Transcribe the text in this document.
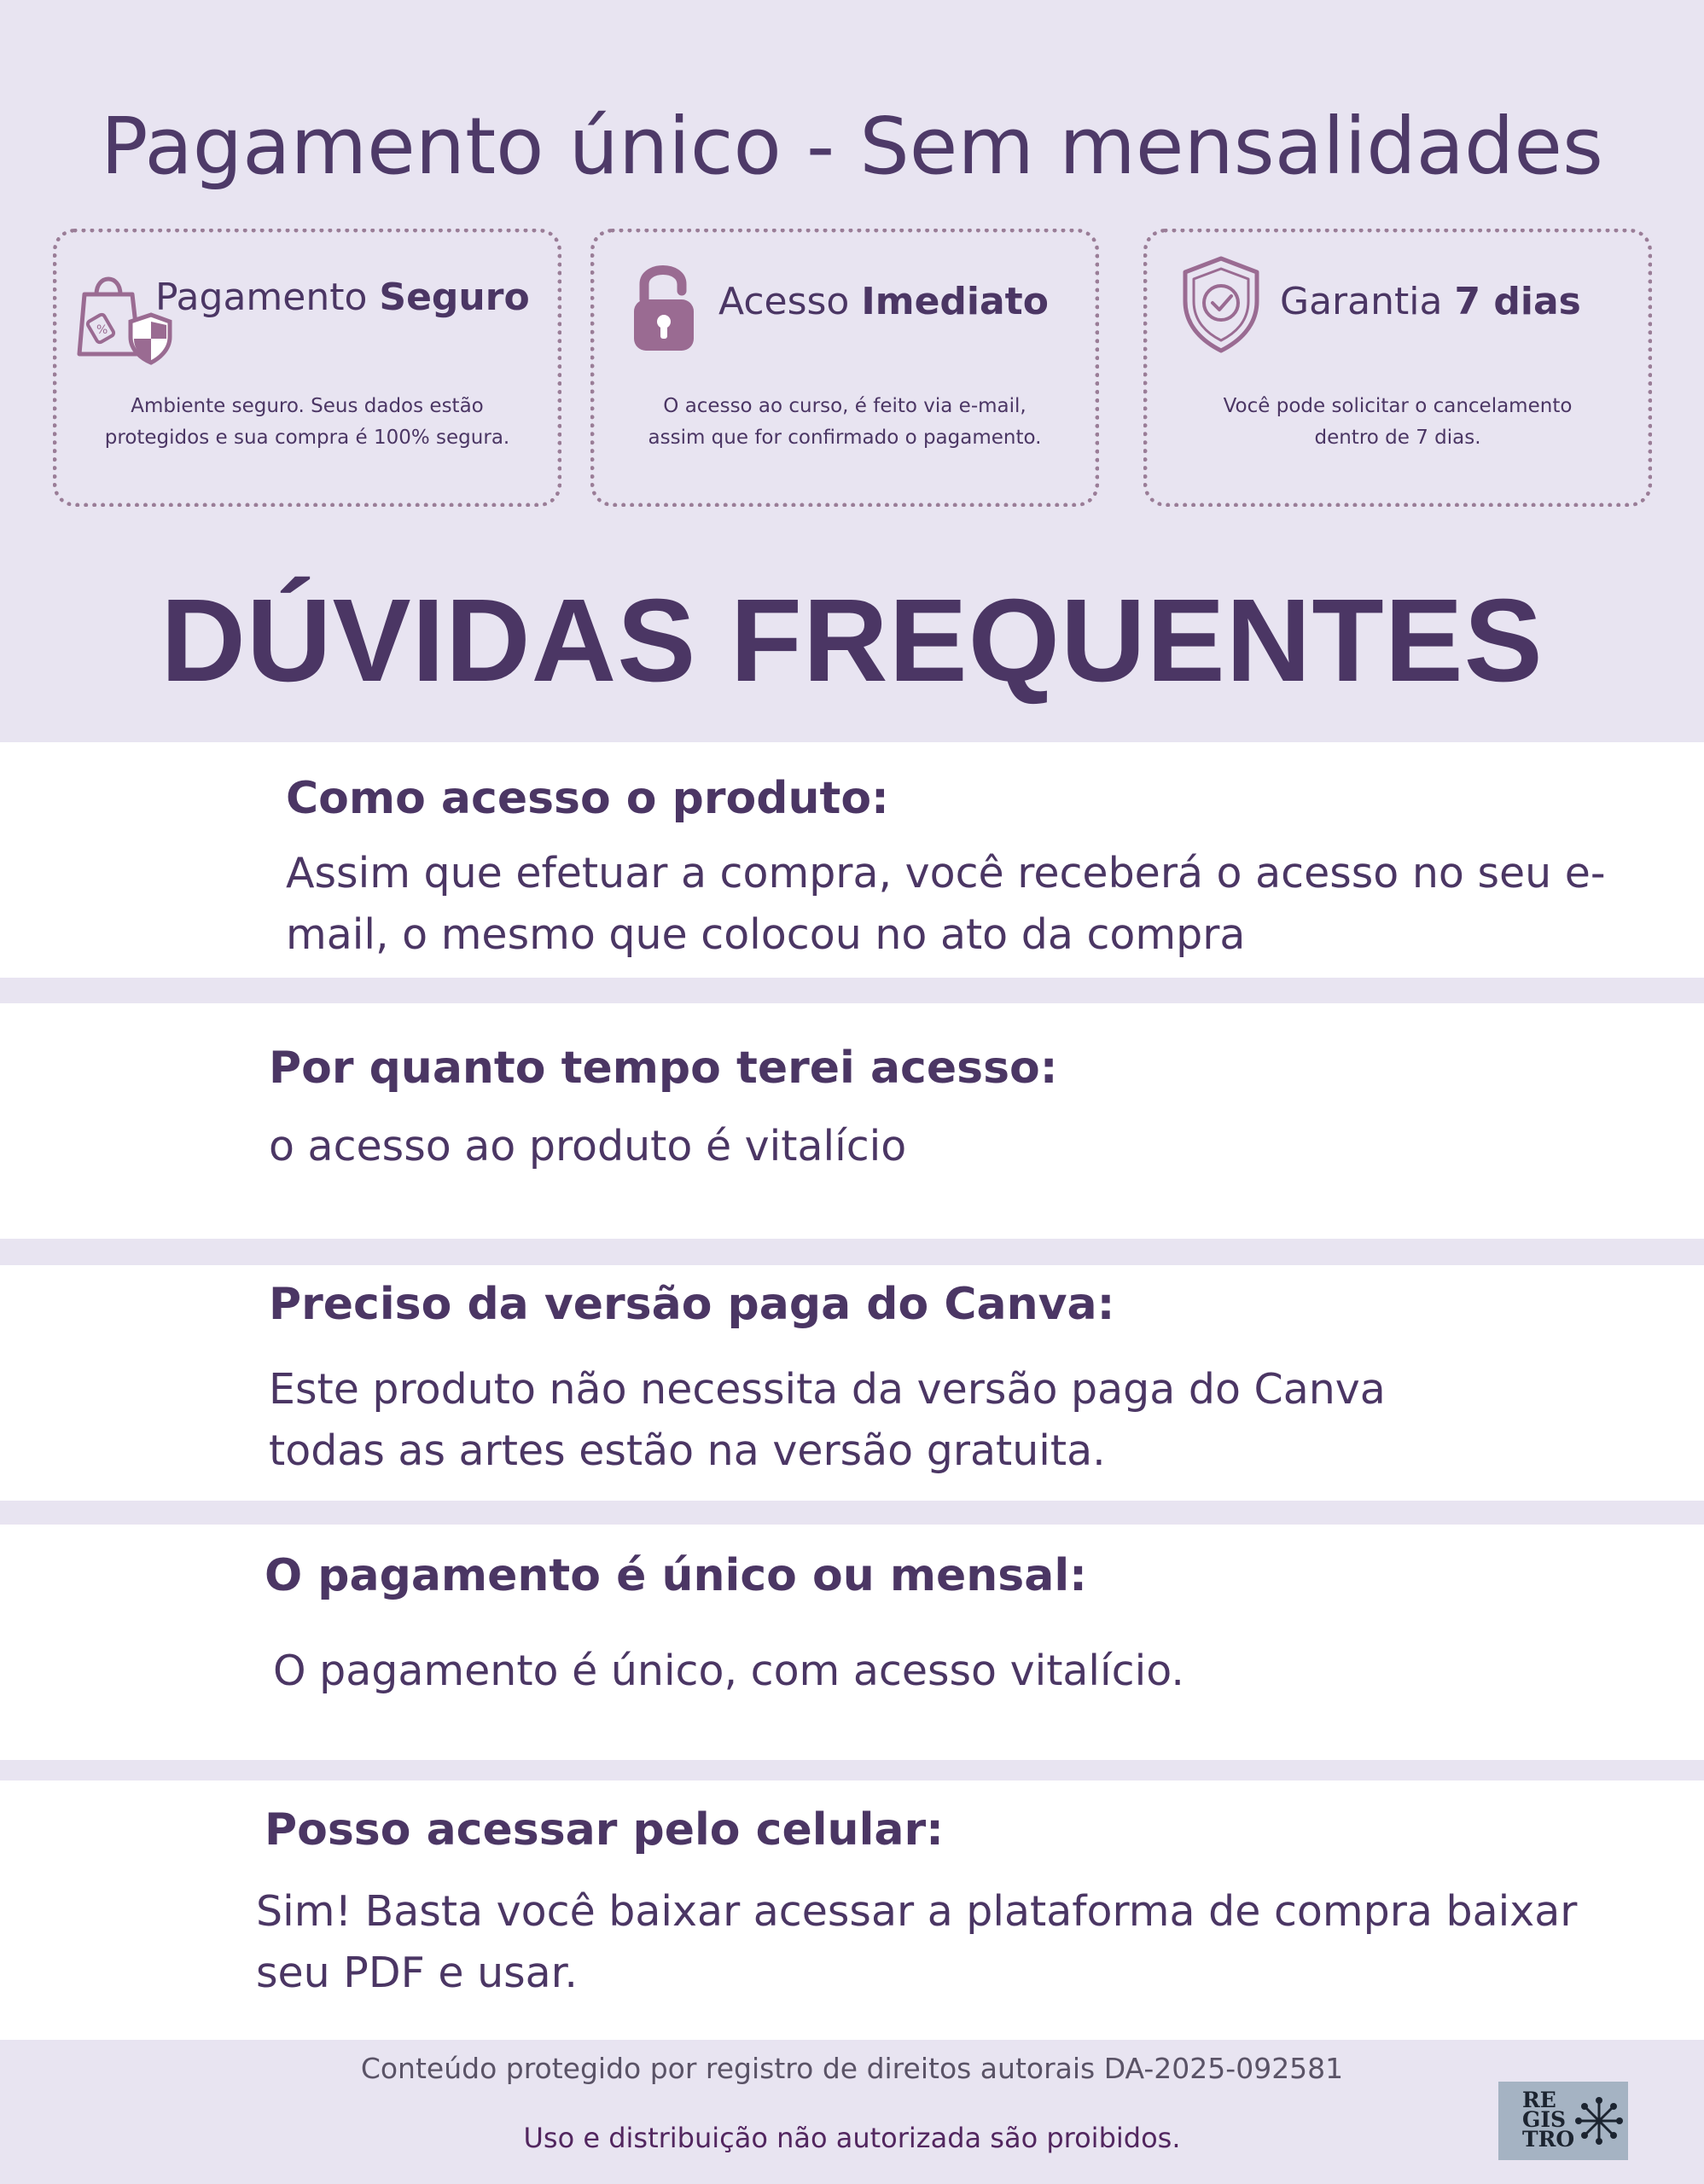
Pagamento único - Sem mensalidades
%
Pagamento Seguro
Ambiente seguro. Seus dados estão protegidos e sua compra é 100% segura.
Acesso Imediato
O acesso ao curso, é feito via e-mail, assim que for confirmado o pagamento.
Garantia 7 dias
Você pode solicitar o cancelamento dentro de 7 dias.
DÚVIDAS FREQUENTES
Como acesso o produto:
Assim que efetuar a compra, você receberá o acesso no seu e-
mail, o mesmo que colocou no ato da compra
Por quanto tempo terei acesso:
o acesso ao produto é vitalício
Preciso da versão paga do Canva:
Este produto não necessita da versão paga do Canva
todas as artes estão na versão gratuita.
O pagamento é único ou mensal:
O pagamento é único, com acesso vitalício.
Posso acessar pelo celular:
Sim! Basta você baixar acessar a plataforma de compra baixar
seu PDF e usar.
Conteúdo protegido por registro de direitos autorais DA-2025-092581
Uso e distribuição não autorizada são proibidos.
RE
GIS
TRO
